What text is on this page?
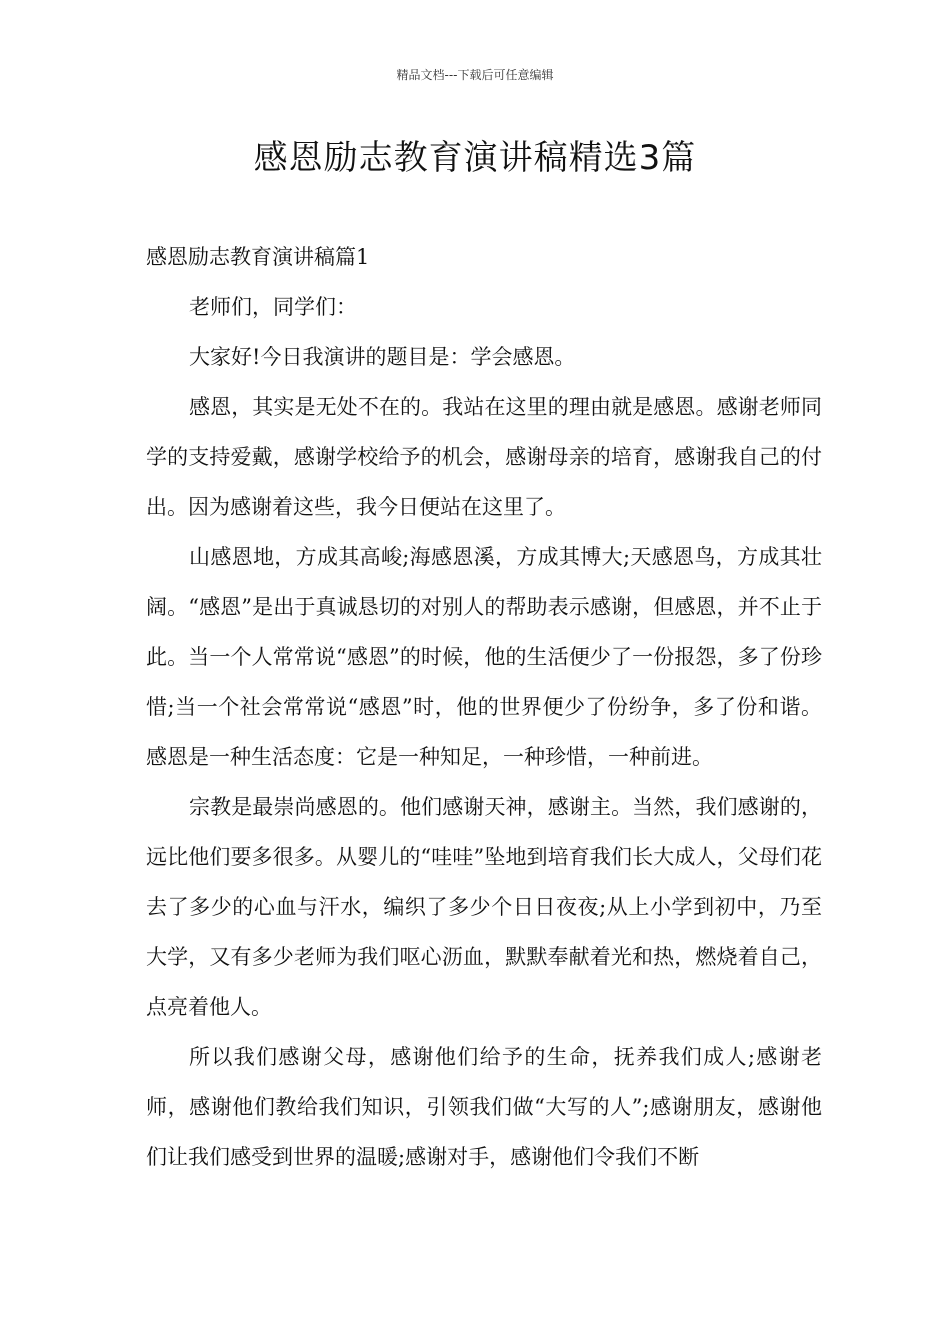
精品文档---下载后可任意编辑
感恩励志教育演讲稿精选3篇

感恩励志教育演讲稿篇1

老师们，同学们：

大家好!今日我演讲的题目是：学会感恩。

感恩，其实是无处不在的。我站在这里的理由就是感恩。感谢老师同学的支持爱戴，感谢学校给予的机会，感谢母亲的培育，感谢我自己的付出。因为感谢着这些，我今日便站在这里了。

山感恩地，方成其高峻;海感恩溪，方成其博大;天感恩鸟，方成其壮阔。“感恩”是出于真诚恳切的对别人的帮助表示感谢，但感恩，并不止于此。当一个人常常说“感恩”的时候，他的生活便少了一份报怨，多了份珍惜;当一个社会常常说“感恩”时，他的世界便少了份纷争，多了份和谐。感恩是一种生活态度：它是一种知足，一种珍惜，一种前进。

宗教是最崇尚感恩的。他们感谢天神，感谢主。当然，我们感谢的，远比他们要多很多。从婴儿的“哇哇”坠地到培育我们长大成人，父母们花去了多少的心血与汗水，编织了多少个日日夜夜;从上小学到初中，乃至大学，又有多少老师为我们呕心沥血，默默奉献着光和热，燃烧着自己，点亮着他人。

所以我们感谢父母，感谢他们给予的生命，抚养我们成人;感谢老师，感谢他们教给我们知识，引领我们做“大写的人”;感谢朋友，感谢他们让我们感受到世界的温暖;感谢对手，感谢他们令我们不断
